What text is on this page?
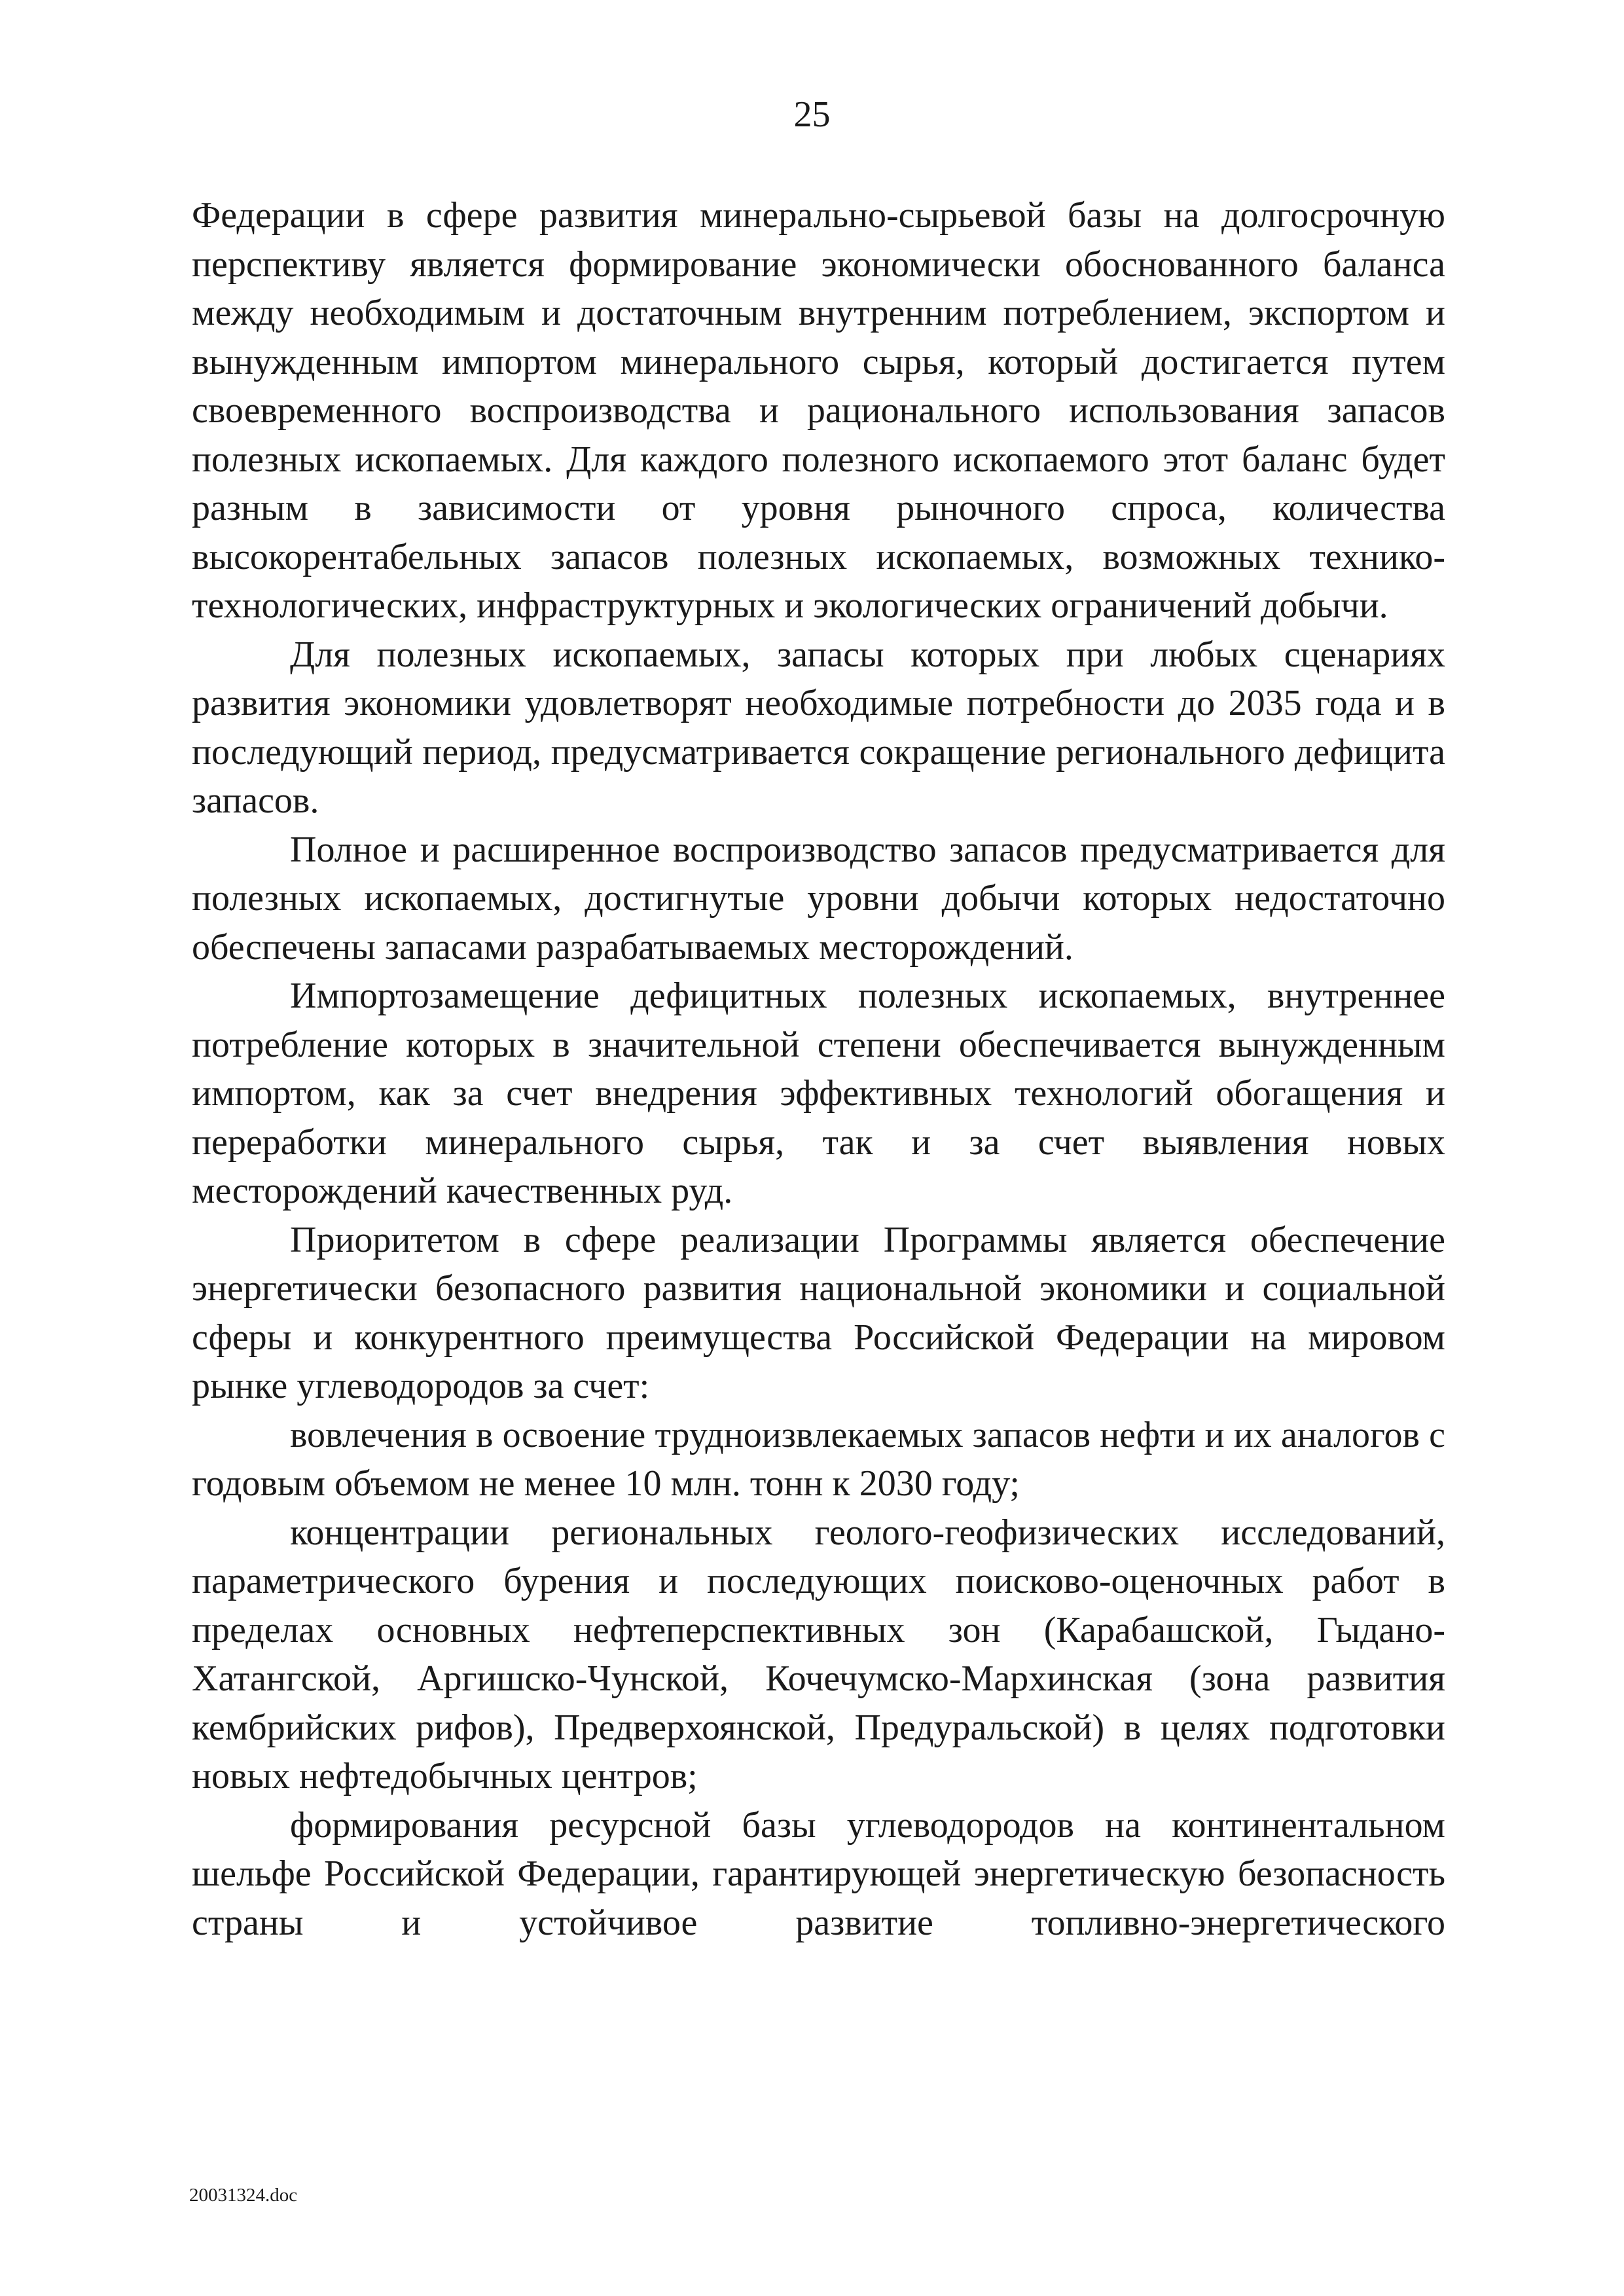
25

Федерации в сфере развития минерально-сырьевой базы на долгосрочную перспективу является формирование экономически обоснованного баланса между необходимым и достаточным внутренним потреблением, экспортом и вынужденным импортом минерального сырья, который достигается путем своевременного воспроизводства и рационального использования запасов полезных ископаемых. Для каждого полезного ископаемого этот баланс будет разным в зависимости от уровня рыночного спроса, количества высокорентабельных запасов полезных ископаемых, возможных технико-технологических, инфраструктурных и экологических ограничений добычи.

Для полезных ископаемых, запасы которых при любых сценариях развития экономики удовлетворят необходимые потребности до 2035 года и в последующий период, предусматривается сокращение регионального дефицита запасов.

Полное и расширенное воспроизводство запасов предусматривается для полезных ископаемых, достигнутые уровни добычи которых недостаточно обеспечены запасами разрабатываемых месторождений.

Импортозамещение дефицитных полезных ископаемых, внутреннее потребление которых в значительной степени обеспечивается вынужденным импортом, как за счет внедрения эффективных технологий обогащения и переработки минерального сырья, так и за счет выявления новых месторождений качественных руд.

Приоритетом в сфере реализации Программы является обеспечение энергетически безопасного развития национальной экономики и социальной сферы и конкурентного преимущества Российской Федерации на мировом рынке углеводородов за счет:

вовлечения в освоение трудноизвлекаемых запасов нефти и их аналогов с годовым объемом не менее 10 млн. тонн к 2030 году;

концентрации региональных геолого-геофизических исследований, параметрического бурения и последующих поисково-оценочных работ в пределах основных нефтеперспективных зон (Карабашской, Гыдано-Хатангской, Аргишско-Чунской, Кочечумско-Мархинская (зона развития кембрийских рифов), Предверхоянской, Предуральской) в целях подготовки новых нефтедобычных центров;

формирования ресурсной базы углеводородов на континентальном шельфе Российской Федерации, гарантирующей энергетическую безопасность страны и устойчивое развитие топливно-энергетического

20031324.doc
